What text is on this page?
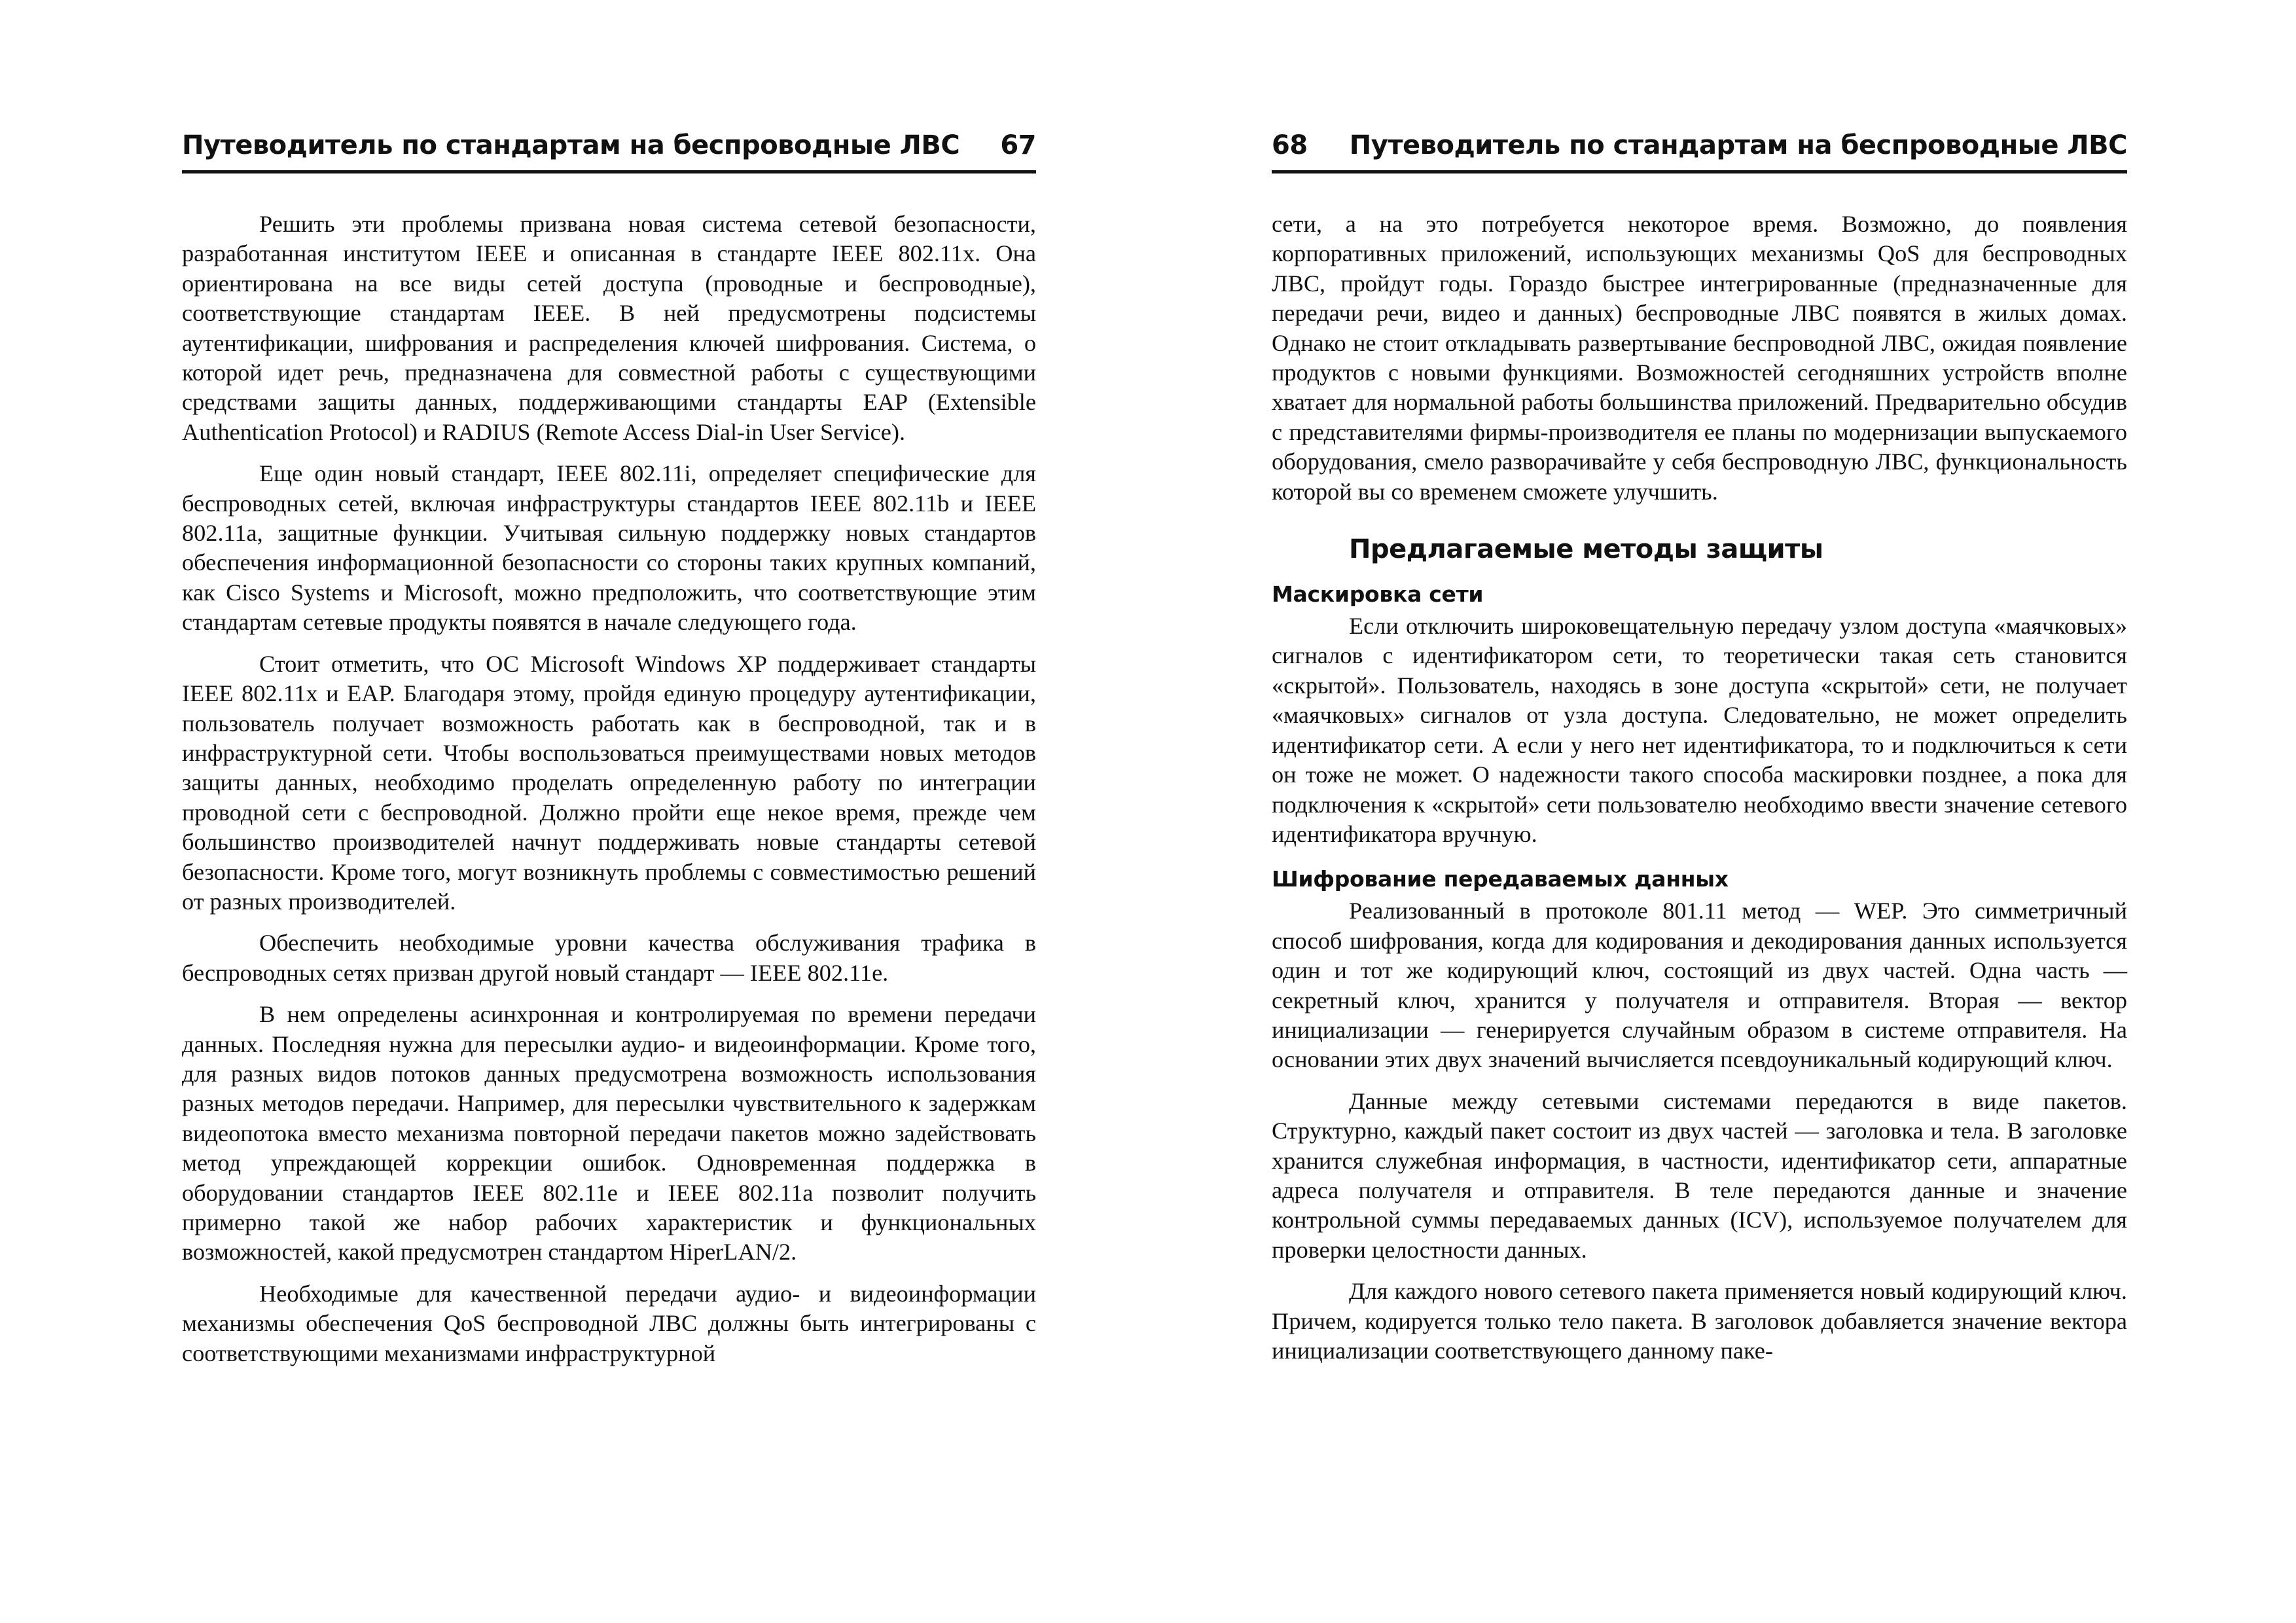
Путеводитель по стандартам на беспроводные ЛВС 67

Решить эти проблемы призвана новая система сетевой безопасности, разработанная институтом IEEE и описанная в стандарте IEEE 802.11x. Она ориентирована на все виды сетей доступа (проводные и беспроводные), соответствующие стандартам IEEE. В ней предусмотрены подсистемы аутентификации, шифрования и распределения ключей шифрования. Система, о которой идет речь, предназначена для совместной работы с существующими средствами защиты данных, поддерживающими стандарты EAP (Extensible Authentication Protocol) и RADIUS (Remote Access Dial-in User Service).

Еще один новый стандарт, IEEE 802.11i, определяет специфические для беспроводных сетей, включая инфраструктуры стандартов IEEE 802.11b и IEEE 802.11a, защитные функции. Учитывая сильную поддержку новых стандартов обеспечения информационной безопасности со стороны таких крупных компаний, как Cisco Systems и Microsoft, можно предположить, что соответствующие этим стандартам сетевые продукты появятся в начале следующего года.

Стоит отметить, что ОС Microsoft Windows XP поддерживает стандарты IEEE 802.11x и EAP. Благодаря этому, пройдя единую процедуру аутентификации, пользователь получает возможность работать как в беспроводной, так и в инфраструктурной сети. Чтобы воспользоваться преимуществами новых методов защиты данных, необходимо проделать определенную работу по интеграции проводной сети с беспроводной. Должно пройти еще некое время, прежде чем большинство производителей начнут поддерживать новые стандарты сетевой безопасности. Кроме того, могут возникнуть проблемы с совместимостью решений от разных производителей.

Обеспечить необходимые уровни качества обслуживания трафика в беспроводных сетях призван другой новый стандарт — IEEE 802.11e.

В нем определены асинхронная и контролируемая по времени передачи данных. Последняя нужна для пересылки аудио- и видеоинформации. Кроме того, для разных видов потоков данных предусмотрена возможность использования разных методов передачи. Например, для пересылки чувствительного к задержкам видеопотока вместо механизма повторной передачи пакетов можно задействовать метод упреждающей коррекции ошибок. Одновременная поддержка в оборудовании стандартов IEEE 802.11e и IEEE 802.11a позволит получить примерно такой же набор рабочих характеристик и функциональных возможностей, какой предусмотрен стандартом HiperLAN/2.

Необходимые для качественной передачи аудио- и видеоинформации механизмы обеспечения QoS беспроводной ЛВС должны быть интегрированы с соответствующими механизмами инфраструктурной

68 Путеводитель по стандартам на беспроводные ЛВС

сети, а на это потребуется некоторое время. Возможно, до появления корпоративных приложений, использующих механизмы QoS для беспроводных ЛВС, пройдут годы. Гораздо быстрее интегрированные (предназначенные для передачи речи, видео и данных) беспроводные ЛВС появятся в жилых домах. Однако не стоит откладывать развертывание беспроводной ЛВС, ожидая появление продуктов с новыми функциями. Возможностей сегодняшних устройств вполне хватает для нормальной работы большинства приложений. Предварительно обсудив с представителями фирмы-производителя ее планы по модернизации выпускаемого оборудования, смело разворачивайте у себя беспроводную ЛВС, функциональность которой вы со временем сможете улучшить.

Предлагаемые методы защиты
Маскировка сети

Если отключить широковещательную передачу узлом доступа «маячковых» сигналов с идентификатором сети, то теоретически такая сеть становится «скрытой». Пользователь, находясь в зоне доступа «скрытой» сети, не получает «маячковых» сигналов от узла доступа. Следовательно, не может определить идентификатор сети. А если у него нет идентификатора, то и подключиться к сети он тоже не может. О надежности такого способа маскировки позднее, а пока для подключения к «скрытой» сети пользователю необходимо ввести значение сетевого идентификатора вручную.

Шифрование передаваемых данных

Реализованный в протоколе 801.11 метод — WEP. Это симметричный способ шифрования, когда для кодирования и декодирования данных используется один и тот же кодирующий ключ, состоящий из двух частей. Одна часть — секретный ключ, хранится у получателя и отправителя. Вторая — вектор инициализации — генерируется случайным образом в системе отправителя. На основании этих двух значений вычисляется псевдоуникальный кодирующий ключ.

Данные между сетевыми системами передаются в виде пакетов. Структурно, каждый пакет состоит из двух частей — заголовка и тела. В заголовке хранится служебная информация, в частности, идентификатор сети, аппаратные адреса получателя и отправителя. В теле передаются данные и значение контрольной суммы передаваемых данных (ICV), используемое получателем для проверки целостности данных.

Для каждого нового сетевого пакета применяется новый кодирующий ключ. Причем, кодируется только тело пакета. В заголовок добавляется значение вектора инициализации соответствующего данному паке-
